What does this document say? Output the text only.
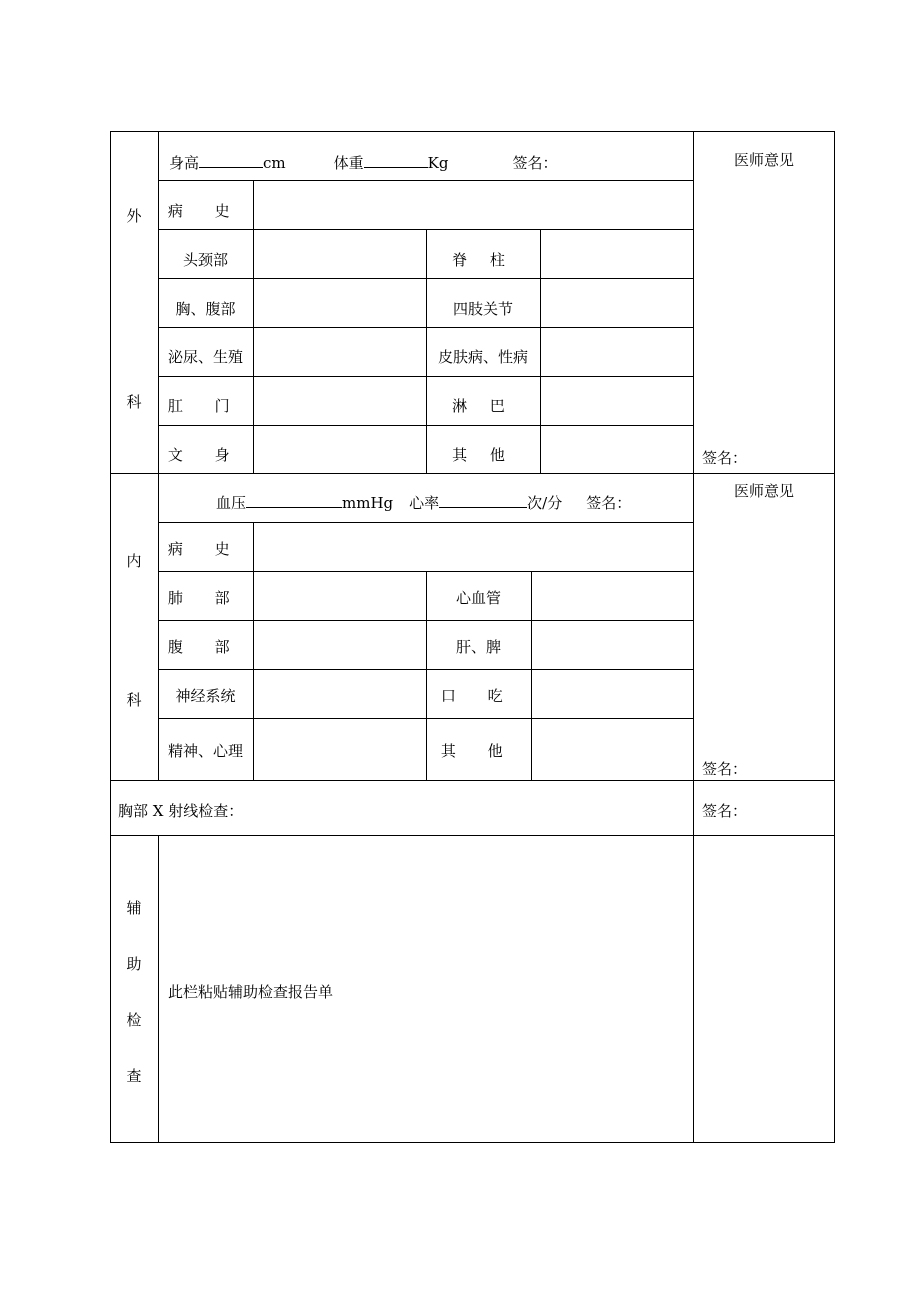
外
科
身高	cm	体重	Kg	签名：	医师意见
签名：
病 史
头颈部	脊 柱
胸、腹部	四肢关节
泌尿、生殖	皮肤病、性病
肛 门	淋 巴
文 身	其 他
内
科
血压	mmHg 心率	次/分 签名：
医师意见
签名：
病 史
肺 部	心血管
腹 部	肝、脾
神经系统	口 吃
精神、心理	其 他
胸部 X 射线检查：	签名：
辅
助
检
查
此栏粘贴辅助检查报告单
